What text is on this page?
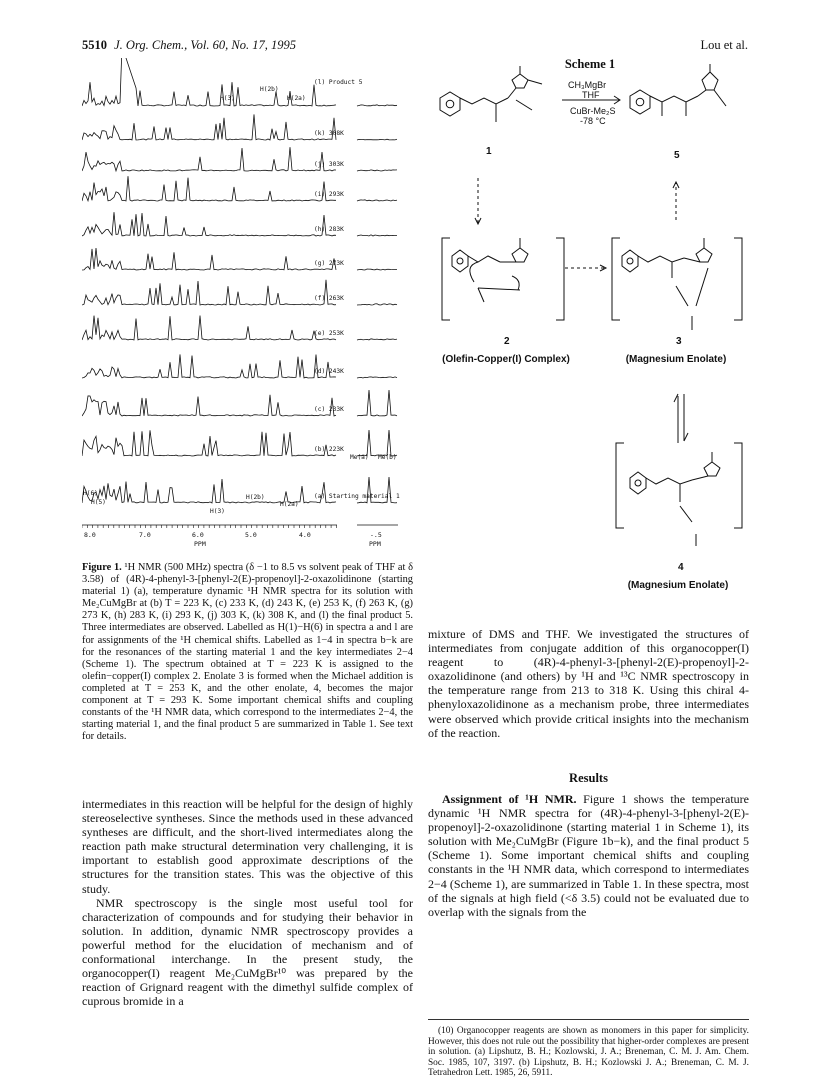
5510 J. Org. Chem., Vol. 60, No. 17, 1995	Lou et al.
(l) Product 5
(k) 308K
(j) 303K
(i) 293K
(h) 283K
(g) 273K
(f) 263K
(e) 253K
(d) 243K
(c) 233K
(b) 223K
(a) Starting material 1
H(3)
H(2b)
H(2a)
H(6)
H(5)
H(3)
H(2b)
H(2a)
Me(a) Me(b)
8.0	7.0	6.0	5.0	4.0	-.5
PPM	PPM
Figure 1. ¹H NMR (500 MHz) spectra (δ −1 to 8.5 vs solvent peak of THF at δ 3.58) of (4R)-4-phenyl-3-[phenyl-2(E)-propenoyl]-2-oxazolidinone (starting material 1) (a), temperature dynamic ¹H NMR spectra for its solution with Me₂CuMgBr at (b) T = 223 K, (c) 233 K, (d) 243 K, (e) 253 K, (f) 263 K, (g) 273 K, (h) 283 K, (i) 293 K, (j) 303 K, (k) 308 K, and (l) the final product 5. Three intermediates are observed. Labelled as H(1)−H(6) in spectra a and l are for assignments of the ¹H chemical shifts. Labelled as 1−4 in spectra b−k are for the resonances of the starting material 1 and the key intermediates 2−4 (Scheme 1). The spectrum obtained at T = 223 K is assigned to the olefin−copper(I) complex 2. Enolate 3 is formed when the Michael addition is completed at T = 253 K, and the other enolate, 4, becomes the major component at T = 293 K. Some important chemical shifts and coupling constants of the ¹H NMR data, which correspond to the intermediates 2−4, the starting material 1, and the final product 5 are summarized in Table 1. See text for details.

intermediates in this reaction will be helpful for the design of highly stereoselective syntheses. Since the methods used in these advanced syntheses are difficult, and the short-lived intermediates along the reaction path make structural determination very challenging, it is important to establish good approximate descriptions of the structures for the transition states. This was the objective of this study.

NMR spectroscopy is the single most useful tool for characterization of compounds and for studying their behavior in solution. In addition, dynamic NMR spectroscopy provides a powerful method for the elucidation of mechanism and of conformational interchange. In the present study, the organocopper(I) reagent Me₂CuMgBr¹⁰ was prepared by the reaction of Grignard reagent with the dimethyl sulfide complex of cuprous bromide in a

Scheme 1
CH₃MgBr
THF
CuBr-Me₂S
-78 °C
1	5
2	3
4
(Olefin-Copper(I) Complex)	(Magnesium Enolate)
(Magnesium Enolate)

mixture of DMS and THF. We investigated the structures of intermediates from conjugate addition of this organocopper(I) reagent to (4R)-4-phenyl-3-[phenyl-2(E)-propenoyl]-2-oxazolidinone (and others) by ¹H and ¹³C NMR spectroscopy in the temperature range from 213 to 318 K. Using this chiral 4-phenyloxazolidinone as a mechanism probe, three intermediates were observed which provide critical insights into the mechanism of the reaction.

Results

Assignment of ¹H NMR. Figure 1 shows the temperature dynamic ¹H NMR spectra for (4R)-4-phenyl-3-[phenyl-2(E)-propenoyl]-2-oxazolidinone (starting material 1 in Scheme 1), its solution with Me₂CuMgBr (Figure 1b−k), and the final product 5 (Scheme 1). Some important chemical shifts and coupling constants in the ¹H NMR data, which correspond to intermediates 2−4 (Scheme 1), are summarized in Table 1. In these spectra, most of the signals at high field (<δ 3.5) could not be evaluated due to overlap with the signals from the

(10) Organocopper reagents are shown as monomers in this paper for simplicity. However, this does not rule out the possibility that higher-order complexes are present in solution. (a) Lipshutz, B. H.; Kozlowski, J. A.; Breneman, C. M. J. Am. Chem. Soc. 1985, 107, 3197. (b) Lipshutz, B. H.; Kozlowski J. A.; Breneman, C. M. J. Tetrahedron Lett. 1985, 26, 5911.
